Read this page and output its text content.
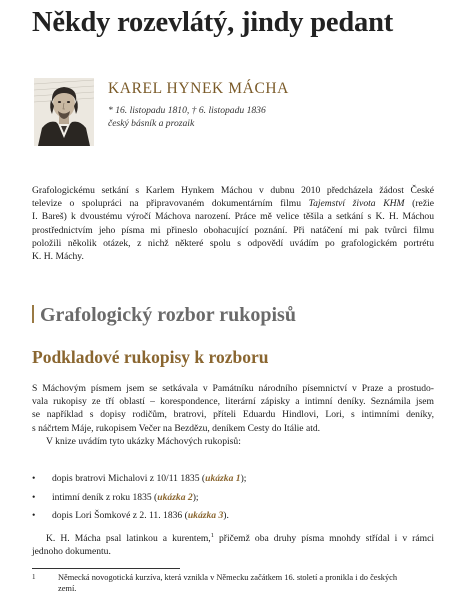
Někdy rozevlátý, jindy pedant
KAREL HYNEK MÁCHA
* 16. listopadu 1810, † 6. listopadu 1836
český básník a prozaik
Grafologickému setkání s Karlem Hynkem Máchou v dubnu 2010 předcházela žádost České
televize o spolupráci na připravovaném dokumentárním filmu Tajemství života KHM (režie
I. Bareš) k dvoustému výročí Máchova narození. Práce mě velice těšila a setkání s K. H. Máchou
prostřednictvím jeho písma mi přineslo obohacující poznání. Při natáčení mi pak tvůrci filmu
položili několik otázek, z nichž některé spolu s odpovědí uvádím po grafologickém portrétu
K. H. Máchy.
Grafologický rozbor rukopisů
Podkladové rukopisy k rozboru
S Máchovým písmem jsem se setkávala v Památníku národního písemnictví v Praze a prostudo-
vala rukopisy ze tří oblastí – korespondence, literární zápisky a intimní deníky. Seznámila jsem
se například s dopisy rodičům, bratrovi, příteli Eduardu Hindlovi, Lori, s intimními deníky,
s náčrtem Máje, rukopisem Večer na Bezdězu, deníkem Cesty do Itálie atd.
V knize uvádím tyto ukázky Máchových rukopisů:
• dopis bratrovi Michalovi z 10/11 1835 (ukázka 1);
• intimní deník z roku 1835 (ukázka 2);
• dopis Lori Šomkové z 2. 11. 1836 (ukázka 3).
K. H. Mácha psal latinkou a kurentem,$^1$ přičemž oba druhy písma mnohdy střídal i v rámci
jednoho dokumentu.
1	Německá novogotická kurzíva, která vznikla v Německu začátkem 16. století a pronikla i do českých
zemí.
